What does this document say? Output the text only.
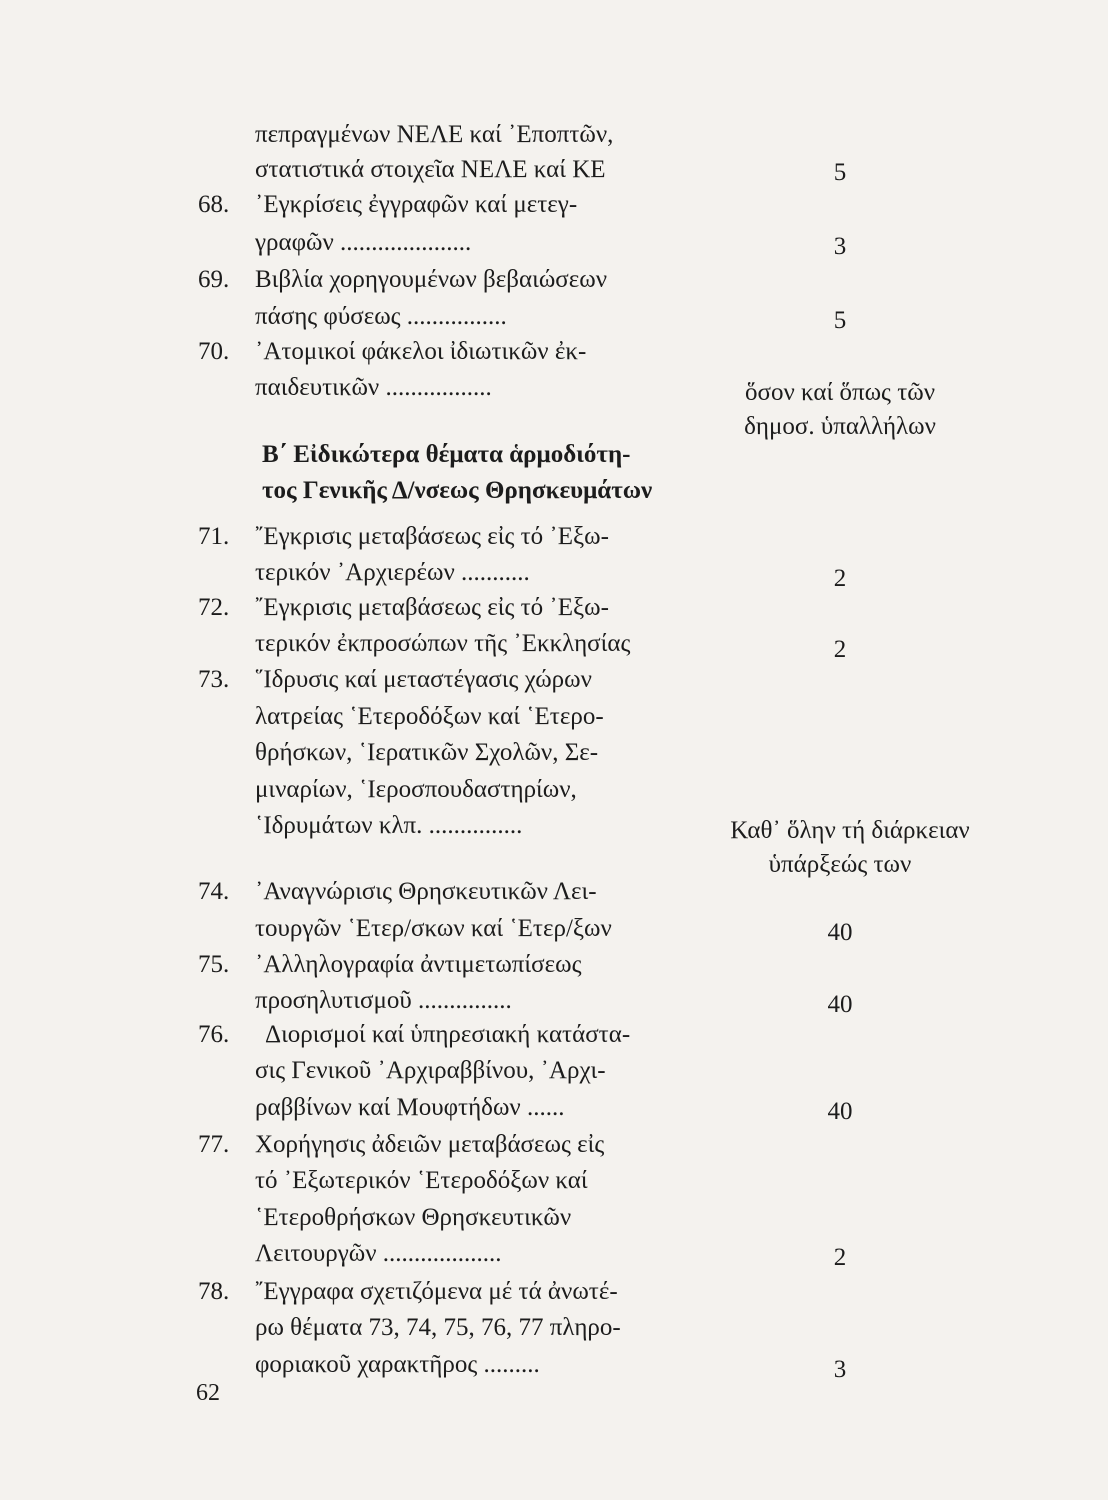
πεπραγμένων ΝΕΛΕ καί ᾿Εποπτῶν,
στατιστικά στοιχεῖα ΝΕΛΕ καί ΚΕ	5
68. ᾿Εγκρίσεις ἐγγραφῶν καί μετεγ-
γραφῶν .....................	3
69. Βιβλία χορηγουμένων βεβαιώσεων
πάσης φύσεως ................	5
70. ᾿Ατομικοί φάκελοι ἰδιωτικῶν ἐκ-
παιδευτικῶν .................	ὅσον καί ὅπως τῶν
δημοσ. ὑπαλλήλων
Β΄ Εἰδικώτερα θέματα ἁρμοδιότη-
τος Γενικῆς Δ/νσεως Θρησκευμάτων
71. ῎Εγκρισις μεταβάσεως εἰς τό ᾿Εξω-
τερικόν ᾿Αρχιερέων ...........	2
72. ῎Εγκρισις μεταβάσεως εἰς τό ᾿Εξω-
τερικόν ἐκπροσώπων τῆς ᾿Εκκλησίας	2
73. ῞Ιδρυσις καί μεταστέγασις χώρων
λατρείας ῾Ετεροδόξων καί ῾Ετερο-
θρήσκων, ῾Ιερατικῶν Σχολῶν, Σε-
μιναρίων, ῾Ιεροσπουδαστηρίων,
῾Ιδρυμάτων κλπ. ...............	Καθ᾿ ὅλην τή διάρκειαν
ὑπάρξεώς των
74. ᾿Αναγνώρισις Θρησκευτικῶν Λει-
τουργῶν ῾Ετερ/σκων καί ῾Ετερ/ξων	40
75. ᾿Αλληλογραφία ἀντιμετωπίσεως
προσηλυτισμοῦ ...............	40
76. Διορισμοί καί ὑπηρεσιακή κατάστα-
σις Γενικοῦ ᾿Αρχιραββίνου, ᾿Αρχι-
ραββίνων καί Μουφτήδων ......	40
77. Χορήγησις ἀδειῶν μεταβάσεως εἰς
τό ᾿Εξωτερικόν ῾Ετεροδόξων καί
῾Ετεροθρήσκων Θρησκευτικῶν
Λειτουργῶν ...................	2
78. ῎Εγγραφα σχετιζόμενα μέ τά ἀνωτέ-
ρω θέματα 73, 74, 75, 76, 77 πληρο-
φοριακοῦ χαρακτῆρος .........	3
62
